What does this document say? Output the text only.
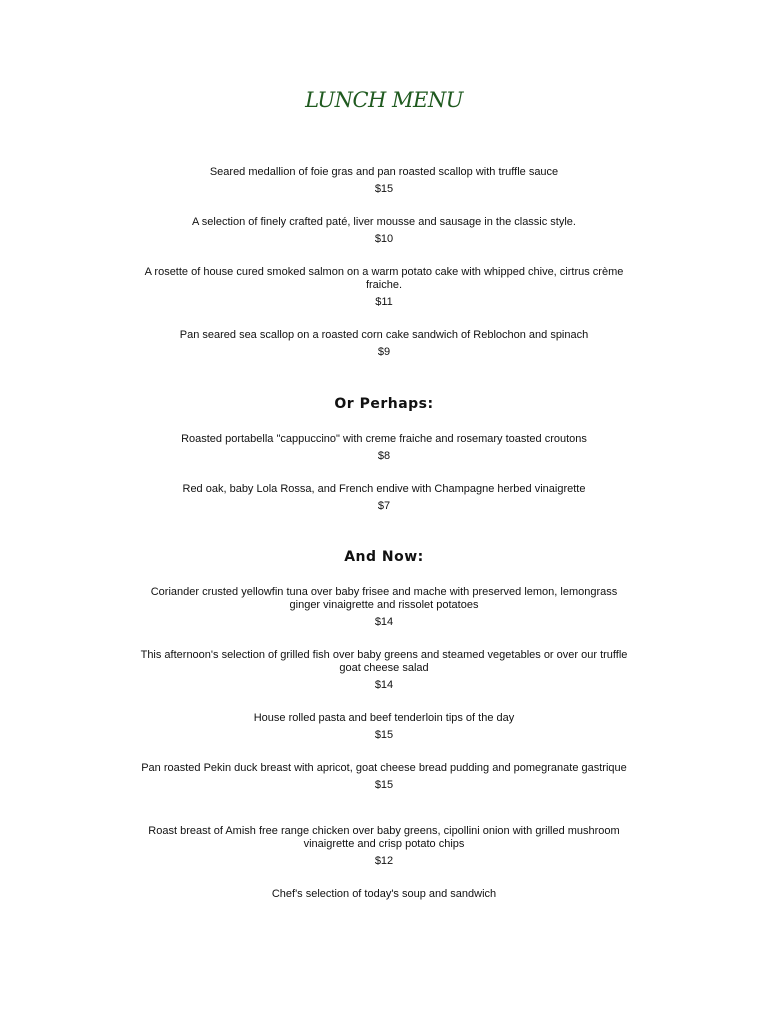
LUNCH MENU

Seared medallion of foie gras and pan roasted scallop with truffle sauce

$15

A selection of finely crafted paté, liver mousse and sausage in the classic style.

$10

A rosette of house cured smoked salmon on a warm potato cake with whipped chive, cirtrus crème fraiche.

$11

Pan seared sea scallop on a roasted corn cake sandwich of Reblochon and spinach

$9

Or Perhaps:

Roasted portabella "cappuccino" with creme fraiche and rosemary toasted croutons

$8

Red oak, baby Lola Rossa, and French endive with Champagne herbed vinaigrette

$7

And Now:

Coriander crusted yellowfin tuna over baby frisee and mache with preserved lemon, lemongrass ginger vinaigrette and rissolet potatoes

$14

This afternoon's selection of grilled fish over baby greens and steamed vegetables or over our truffle goat cheese salad

$14

House rolled pasta and beef tenderloin tips of the day

$15

Pan roasted Pekin duck breast with apricot, goat cheese bread pudding and pomegranate gastrique

$15

Roast breast of Amish free range chicken over baby greens, cipollini onion with grilled mushroom vinaigrette and crisp potato chips

$12

Chef's selection of today's soup and sandwich
